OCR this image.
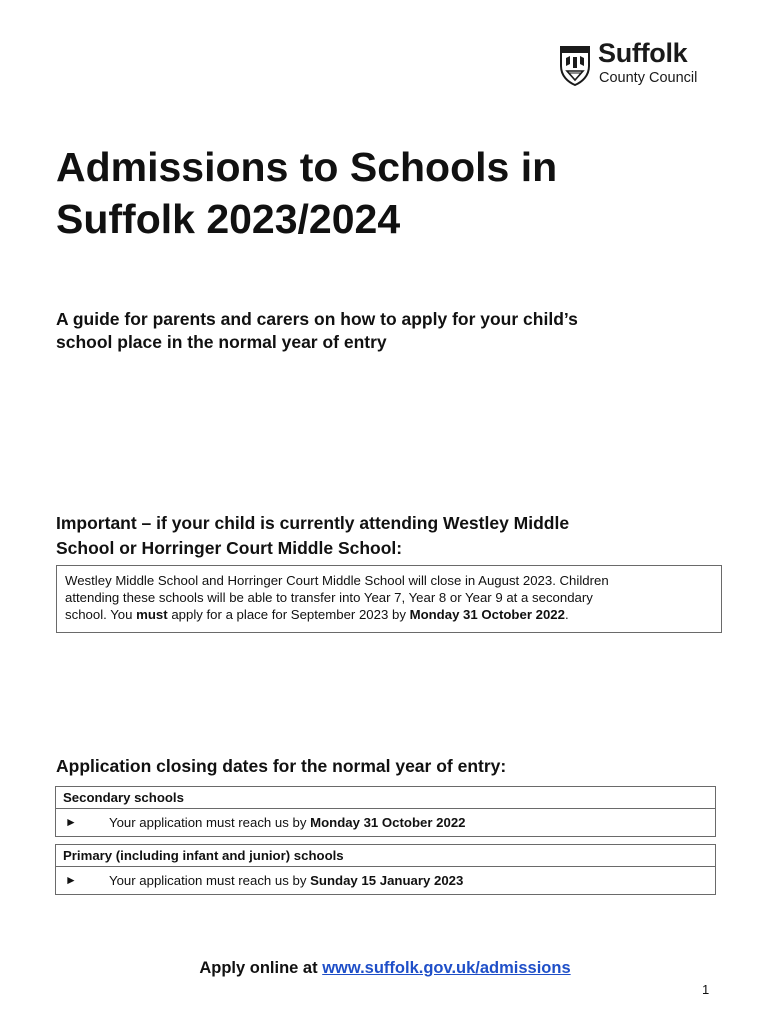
Suffolk
County Council
Admissions to Schools in
Suffolk 2023/2024

A guide for parents and carers on how to apply for your child’s
school place in the normal year of entry

Important – if your child is currently attending Westley Middle
School or Horringer Court Middle School:
Westley Middle School and Horringer Court Middle School will close in August 2023. Children
attending these schools will be able to transfer into Year 7, Year 8 or Year 9 at a secondary
school. You must apply for a place for September 2023 by Monday 31 October 2022.
Application closing dates for the normal year of entry:
Secondary schools
► Your application must reach us by Monday 31 October 2022
Primary (including infant and junior) schools
► Your application must reach us by Sunday 15 January 2023
Apply online at www.suffolk.gov.uk/admissions
1
